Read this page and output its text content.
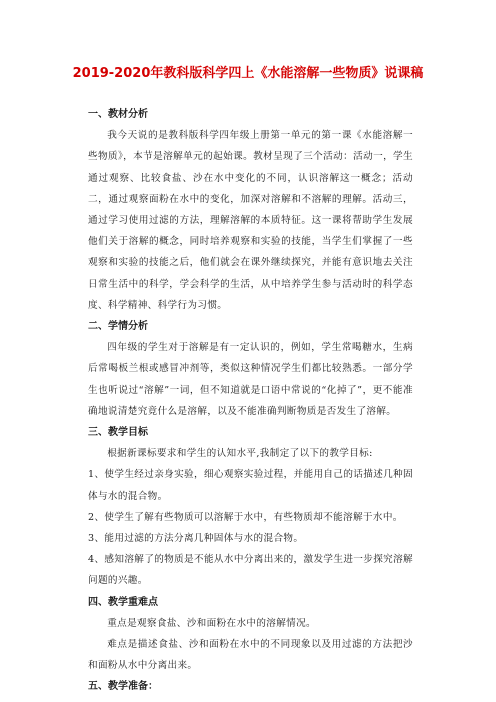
2019-2020年教科版科学四上《水能溶解一些物质》说课稿

一、教材分析

我今天说的是教科版科学四年级上册第一单元的第一课《水能溶解一些物质》，本节是溶解单元的起始课。教材呈现了三个活动：活动一，学生通过观察、比较食盐、沙在水中变化的不同，认识溶解这一概念；活动二，通过观察面粉在水中的变化，加深对溶解和不溶解的理解。活动三，通过学习使用过滤的方法，理解溶解的本质特征。这一课将帮助学生发展他们关于溶解的概念，同时培养观察和实验的技能，当学生们掌握了一些观察和实验的技能之后，他们就会在课外继续探究，并能有意识地去关注日常生活中的科学，学会科学的生活，从中培养学生参与活动时的科学态度、科学精神、科学行为习惯。

二、学情分析

四年级的学生对于溶解是有一定认识的，例如，学生常喝糖水，生病后常喝板兰根或感冒冲剂等，类似这种情况学生们都比较熟悉。一部分学生也听说过“溶解”一词，但不知道就是口语中常说的“化掉了”，更不能准确地说清楚究竟什么是溶解，以及不能准确判断物质是否发生了溶解。

三、教学目标

根据新课标要求和学生的认知水平,我制定了以下的教学目标:

1、使学生经过亲身实验，细心观察实验过程，并能用自己的话描述几种固体与水的混合物。

2、使学生了解有些物质可以溶解于水中，有些物质却不能溶解于水中。

3、能用过滤的方法分离几种固体与水的混合物。

4、感知溶解了的物质是不能从水中分离出来的，激发学生进一步探究溶解问题的兴趣。

四、教学重难点

重点是观察食盐、沙和面粉在水中的溶解情况。

难点是描述食盐、沙和面粉在水中的不同现象以及用过滤的方法把沙和面粉从水中分离出来。

五、教学准备：
